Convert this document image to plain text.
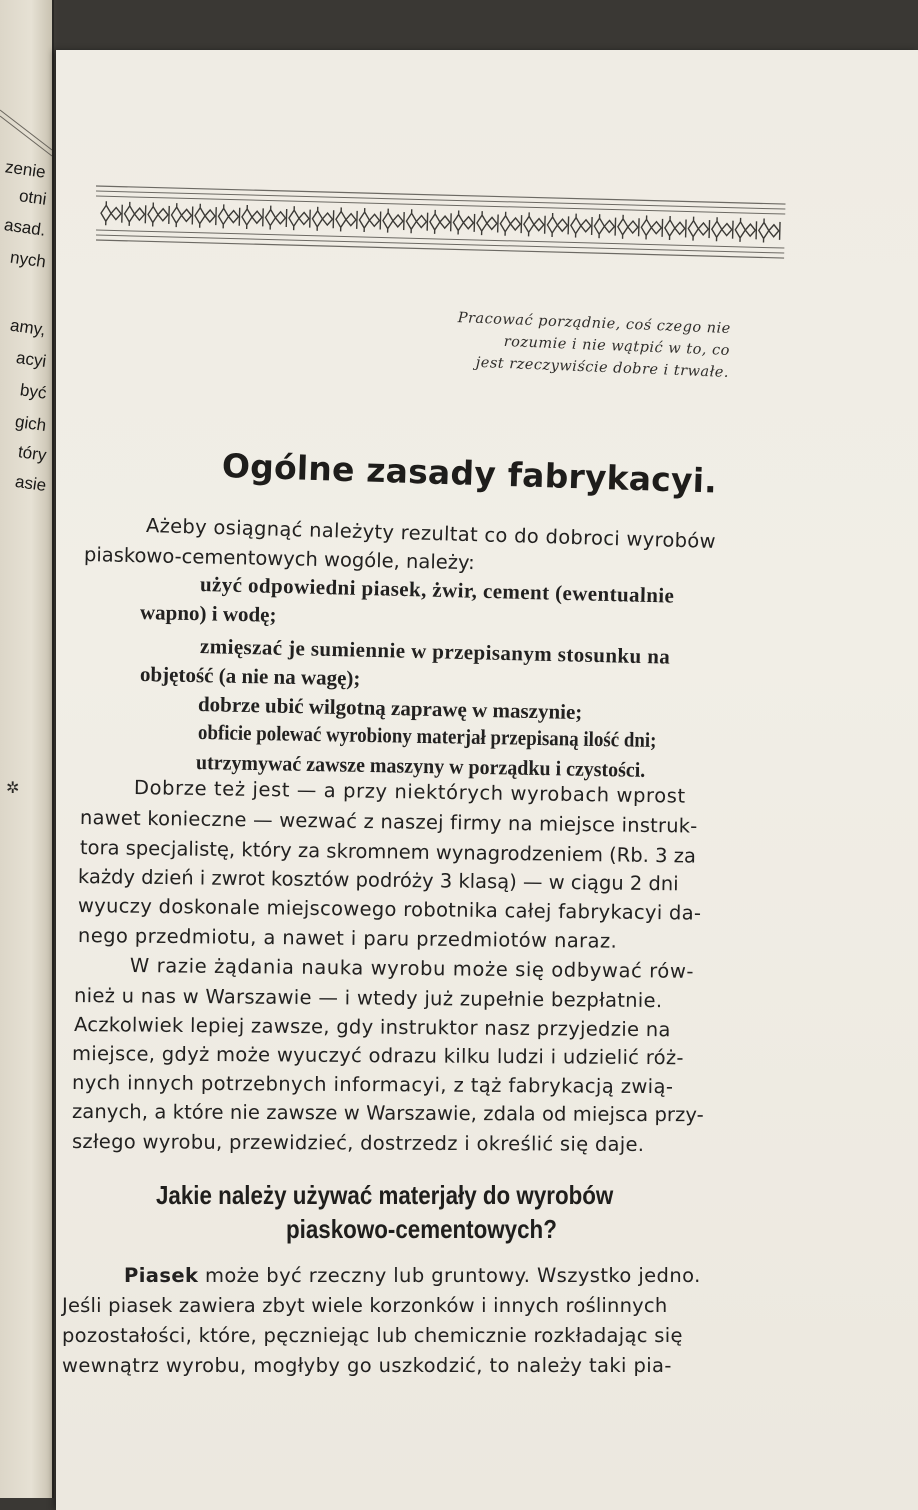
zenie
otni
asad.
nych
amy,
acyi
być
gich
tóry
asie
✲
Pracować porządnie, coś czego nie
rozumie i nie wątpić w to, co
jest rzeczywiście dobre i trwałe.
Ogólne zasady fabrykacyi.
Ażeby osiągnąć należyty rezultat co do dobroci wyrobów
piaskowo-cementowych wogóle, należy:
użyć odpowiedni piasek, żwir, cement (ewentualnie
wapno) i wodę;
zmięszać je sumiennie w przepisanym stosunku na
objętość (a nie na wagę);
dobrze ubić wilgotną zaprawę w maszynie;
obficie polewać wyrobiony materjał przepisaną ilość dni;
utrzymywać zawsze maszyny w porządku i czystości.
Dobrze też jest — a przy niektórych wyrobach wprost
nawet konieczne — wezwać z naszej firmy na miejsce instruk-
tora specjalistę, który za skromnem wynagrodzeniem (Rb. 3 za
każdy dzień i zwrot kosztów podróży 3 klasą) — w ciągu 2 dni
wyuczy doskonale miejscowego robotnika całej fabrykacyi da-
nego przedmiotu, a nawet i paru przedmiotów naraz.
W razie żądania nauka wyrobu może się odbywać rów-
nież u nas w Warszawie — i wtedy już zupełnie bezpłatnie.
Aczkolwiek lepiej zawsze, gdy instruktor nasz przyjedzie na
miejsce, gdyż może wyuczyć odrazu kilku ludzi i udzielić róż-
nych innych potrzebnych informacyi, z tąż fabrykacją zwią-
zanych, a które nie zawsze w Warszawie, zdala od miejsca przy-
szłego wyrobu, przewidzieć, dostrzedz i określić się daje.
Jakie należy używać materjały do wyrobów
piaskowo-cementowych?
Piasek może być rzeczny lub gruntowy. Wszystko jedno.
Jeśli piasek zawiera zbyt wiele korzonków i innych roślinnych
pozostałości, które, pęczniejąc lub chemicznie rozkładając się
wewnątrz wyrobu, mogłyby go uszkodzić, to należy taki pia-
